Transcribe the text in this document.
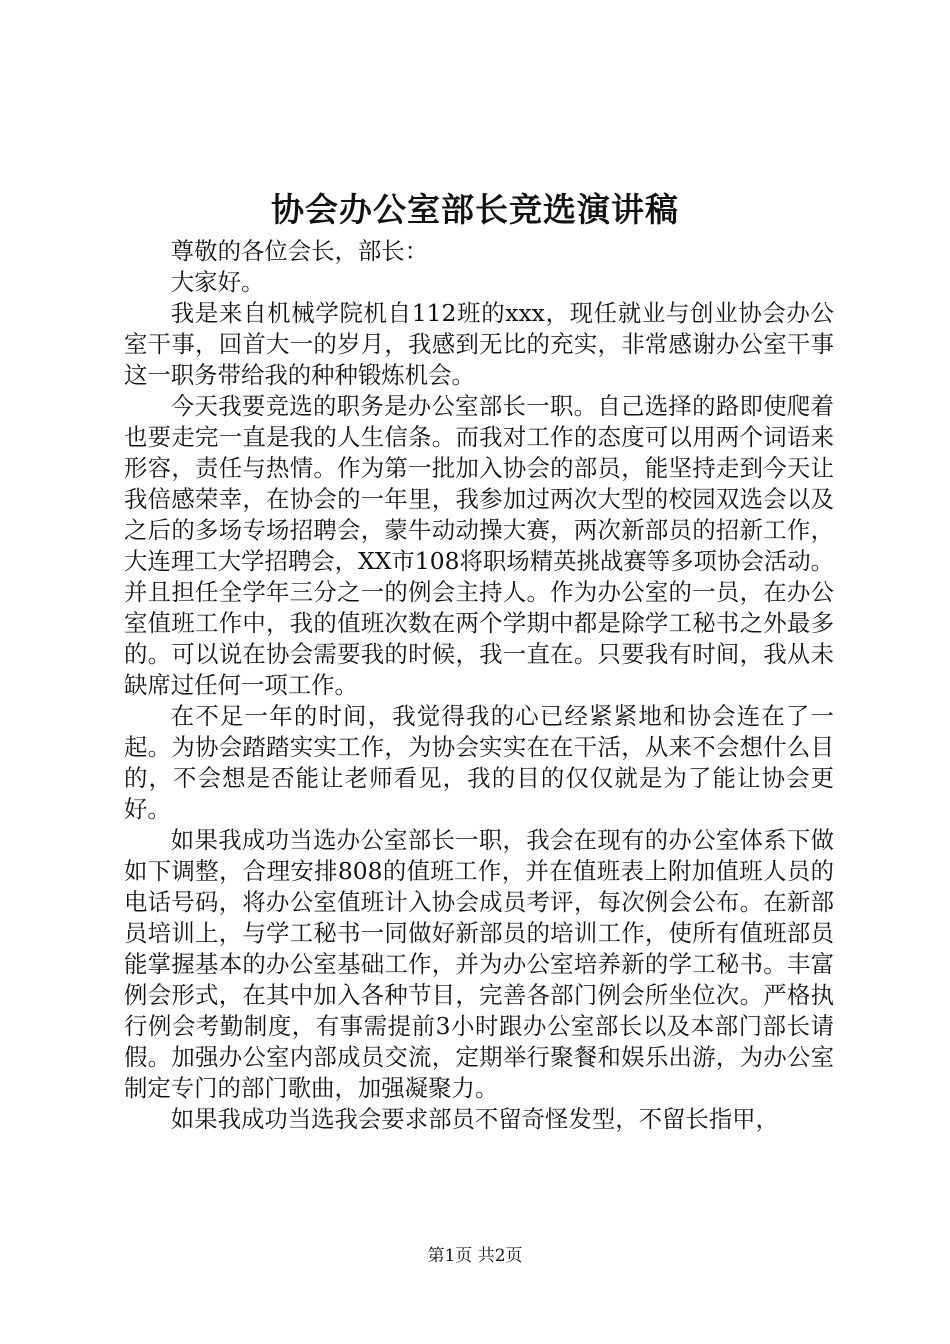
协会办公室部长竞选演讲稿

尊敬的各位会长，部长：

大家好。

我是来自机械学院机自112班的xxx，现任就业与创业协会办公室干事，回首大一的岁月，我感到无比的充实，非常感谢办公室干事这一职务带给我的种种锻炼机会。

今天我要竞选的职务是办公室部长一职。自己选择的路即使爬着也要走完一直是我的人生信条。而我对工作的态度可以用两个词语来形容，责任与热情。作为第一批加入协会的部员，能坚持走到今天让我倍感荣幸，在协会的一年里，我参加过两次大型的校园双选会以及之后的多场专场招聘会，蒙牛动动操大赛，两次新部员的招新工作，大连理工大学招聘会，XX市108将职场精英挑战赛等多项协会活动。并且担任全学年三分之一的例会主持人。作为办公室的一员，在办公室值班工作中，我的值班次数在两个学期中都是除学工秘书之外最多的。可以说在协会需要我的时候，我一直在。只要我有时间，我从未缺席过任何一项工作。

在不足一年的时间，我觉得我的心已经紧紧地和协会连在了一起。为协会踏踏实实工作，为协会实实在在干活，从来不会想什么目的，不会想是否能让老师看见，我的目的仅仅就是为了能让协会更好。

如果我成功当选办公室部长一职，我会在现有的办公室体系下做如下调整，合理安排808的值班工作，并在值班表上附加值班人员的电话号码，将办公室值班计入协会成员考评，每次例会公布。在新部员培训上，与学工秘书一同做好新部员的培训工作，使所有值班部员能掌握基本的办公室基础工作，并为办公室培养新的学工秘书。丰富例会形式，在其中加入各种节目，完善各部门例会所坐位次。严格执行例会考勤制度，有事需提前3小时跟办公室部长以及本部门部长请假。加强办公室内部成员交流，定期举行聚餐和娱乐出游，为办公室制定专门的部门歌曲，加强凝聚力。

如果我成功当选我会要求部员不留奇怪发型，不留长指甲，

第1页 共2页
